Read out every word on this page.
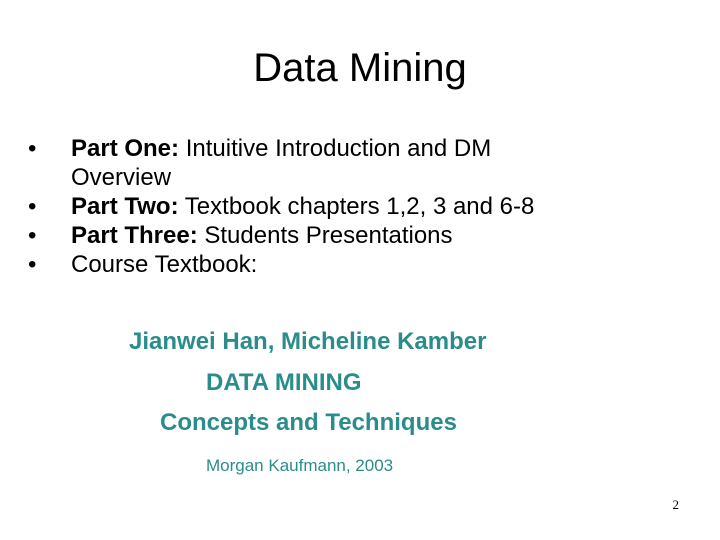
Data Mining
• Part One: Intuitive Introduction and DM
Overview
• Part Two: Textbook chapters 1,2, 3 and 6-8
• Part Three: Students Presentations
• Course Textbook:
Jianwei Han, Micheline Kamber
DATA MINING
Concepts and Techniques
Morgan Kaufmann, 2003
2
